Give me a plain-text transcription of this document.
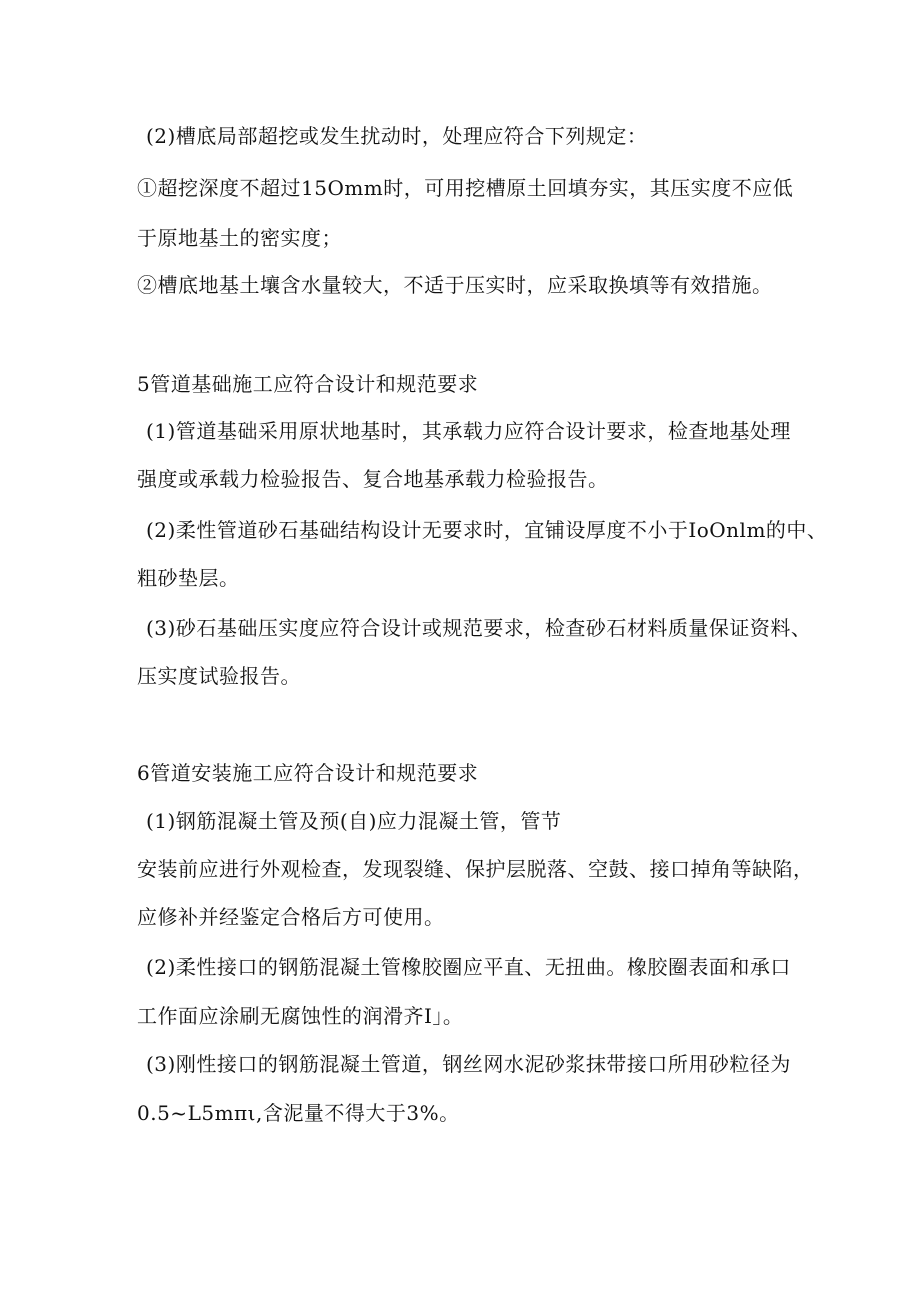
(2)槽底局部超挖或发生扰动时，处理应符合下列规定：
①超挖深度不超过15Omm时，可用挖槽原土回填夯实，其压实度不应低
于原地基土的密实度；
②槽底地基土壤含水量较大，不适于压实时，应采取换填等有效措施。
5管道基础施工应符合设计和规范要求
(1)管道基础采用原状地基时，其承载力应符合设计要求，检查地基处理
强度或承载力检验报告、复合地基承载力检验报告。
(2)柔性管道砂石基础结构设计无要求时，宜铺设厚度不小于IoOnlm的中、
粗砂垫层。
(3)砂石基础压实度应符合设计或规范要求，检查砂石材料质量保证资料、
压实度试验报告。
6管道安装施工应符合设计和规范要求
(1)钢筋混凝土管及预(自)应力混凝土管，管节
安装前应进行外观检查，发现裂缝、保护层脱落、空鼓、接口掉角等缺陷，
应修补并经鉴定合格后方可使用。
(2)柔性接口的钢筋混凝土管橡胶圈应平直、无扭曲。橡胶圈表面和承口
工作面应涂刷无腐蚀性的润滑齐I」。
(3)刚性接口的钢筋混凝土管道，钢丝网水泥砂浆抹带接口所用砂粒径为
0.5~L5mπι,含泥量不得大于3%。
